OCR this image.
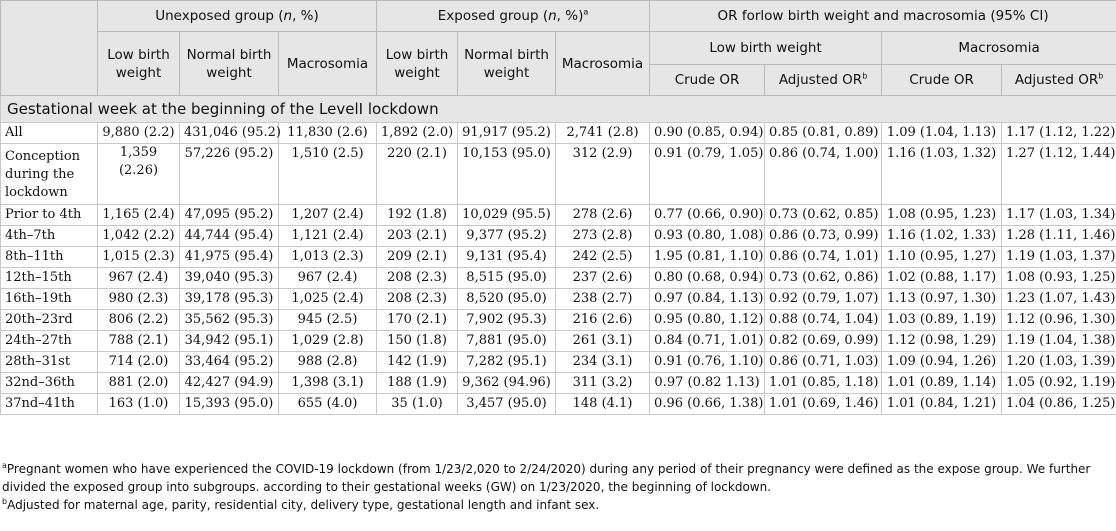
	Unexposed group (n, %)			Exposed group (n, %)$^a$			OR forlow birth weight and macrosomia (95% CI)			
	Low birth weight	Normal birth weight	Macrosomia	Low birth weight	Normal birth weight	Macrosomia	Low birth weight		Macrosomia	
							Crude OR	Adjusted $OR^b$	Crude OR	Adjusted $OR^b$
Gestational week at the beginning of the LevelI lockdown										
All	9,880 (2.2)	431,046 (95.2)	11,830 (2.6)	1,892 (2.0)	91,917 (95.2)	2,741 (2.8)	0.90 (0.85, 0.94)	0.85 (0.81, 0.89)	1.09 (1.04, 1.13)	1.17 (1.12, 1.22)
Conception during the lockdown	1,359 (2.26)	57,226 (95.2)	1,510 (2.5)	220 (2.1)	10,153 (95.0)	312 (2.9)	0.91 (0.79, 1.05)	0.86 (0.74, 1.00)	1.16 (1.03, 1.32)	1.27 (1.12, 1.44)
Prior to 4th	1,165 (2.4)	47,095 (95.2)	1,207 (2.4)	192 (1.8)	10,029 (95.5)	278 (2.6)	0.77 (0.66, 0.90)	0.73 (0.62, 0.85)	1.08 (0.95, 1.23)	1.17 (1.03, 1.34)
4th–7th	1,042 (2.2)	44,744 (95.4)	1,121 (2.4)	203 (2.1)	9,377 (95.2)	273 (2.8)	0.93 (0.80, 1.08)	0.86 (0.73, 0.99)	1.16 (1.02, 1.33)	1.28 (1.11, 1.46)
8th–11th	1,015 (2.3)	41,975 (95.4)	1,013 (2.3)	209 (2.1)	9,131 (95.4)	242 (2.5)	1.95 (0.81, 1.10)	0.86 (0.74, 1.01)	1.10 (0.95, 1.27)	1.19 (1.03, 1.37)
12th–15th	967 (2.4)	39,040 (95.3)	967 (2.4)	208 (2.3)	8,515 (95.0)	237 (2.6)	0.80 (0.68, 0.94)	0.73 (0.62, 0.86)	1.02 (0.88, 1.17)	1.08 (0.93, 1.25)
16th–19th	980 (2.3)	39,178 (95.3)	1,025 (2.4)	208 (2.3)	8,520 (95.0)	238 (2.7)	0.97 (0.84, 1.13)	0.92 (0.79, 1.07)	1.13 (0.97, 1.30)	1.23 (1.07, 1.43)
20th–23rd	806 (2.2)	35,562 (95.3)	945 (2.5)	170 (2.1)	7,902 (95.3)	216 (2.6)	0.95 (0.80, 1.12)	0.88 (0.74, 1.04)	1.03 (0.89, 1.19)	1.12 (0.96, 1.30)
24th–27th	788 (2.1)	34,942 (95.1)	1,029 (2.8)	150 (1.8)	7,881 (95.0)	261 (3.1)	0.84 (0.71, 1.01)	0.82 (0.69, 0.99)	1.12 (0.98, 1.29)	1.19 (1.04, 1.38)
28th–31st	714 (2.0)	33,464 (95.2)	988 (2.8)	142 (1.9)	7,282 (95.1)	234 (3.1)	0.91 (0.76, 1.10)	0.86 (0.71, 1.03)	1.09 (0.94, 1.26)	1.20 (1.03, 1.39)
32nd–36th	881 (2.0)	42,427 (94.9)	1,398 (3.1)	188 (1.9)	9,362 (94.96)	311 (3.2)	0.97 (0.82 1.13)	1.01 (0.85, 1.18)	1.01 (0.89, 1.14)	1.05 (0.92, 1.19)
37nd–41th	163 (1.0)	15,393 (95.0)	655 (4.0)	35 (1.0)	3,457 (95.0)	148 (4.1)	0.96 (0.66, 1.38)	1.01 (0.69, 1.46)	1.01 (0.84, 1.21)	1.04 (0.86, 1.25)

$^a$Pregnant women who have experienced the COVID-19 lockdown (from 1/23/2,020 to 2/24/2020) during any period of their pregnancy were defined as the expose group. We further divided the exposed group into subgroups. according to their gestational weeks (GW) on 1/23/2020, the beginning of lockdown.

$^b$Adjusted for maternal age, parity, residential city, delivery type, gestational length and infant sex.
